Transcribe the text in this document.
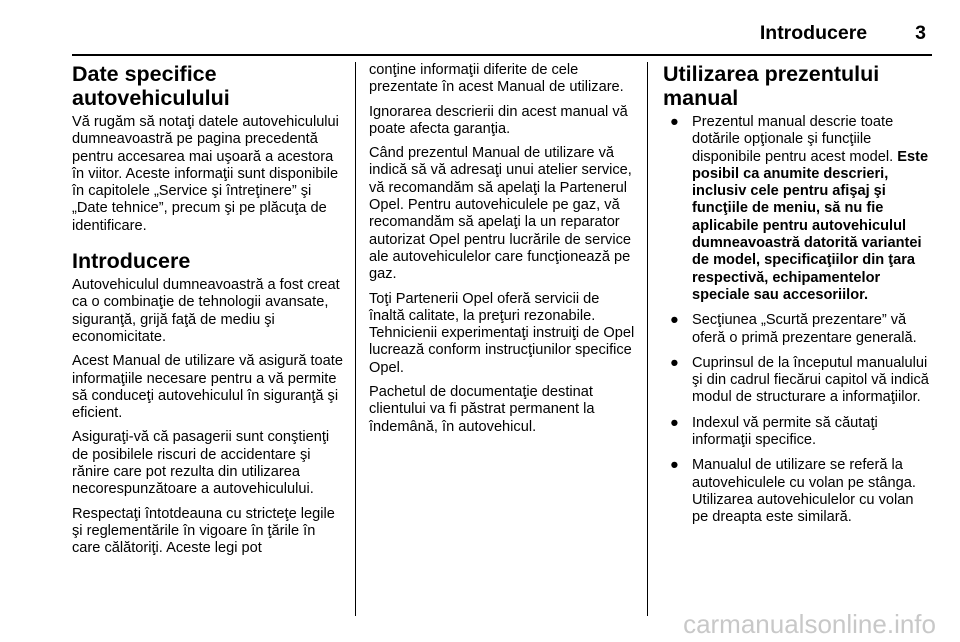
Introducere 3
Date specifice autovehiculului

Vă rugăm să notaţi datele autovehiculului dumneavoastră pe pagina precedentă pentru accesarea mai uşoară a acestora în viitor. Aceste informaţii sunt disponibile în capitolele „Service şi întreţinere” şi „Date tehnice”, precum şi pe plăcuţa de identificare.

Introducere

Autovehiculul dumneavoastră a fost creat ca o combinaţie de tehnologii avansate, siguranţă, grijă faţă de mediu şi economicitate.

Acest Manual de utilizare vă asigură toate informaţiile necesare pentru a vă permite să conduceţi autovehiculul în siguranţă şi eficient.

Asiguraţi-vă că pasagerii sunt conştienţi de posibilele riscuri de accidentare şi rănire care pot rezulta din utilizarea necorespunzătoare a autovehiculului.

Respectaţi întotdeauna cu stricteţe legile şi reglementările în vigoare în ţările în care călătoriţi. Aceste legi pot

conţine informaţii diferite de cele prezentate în acest Manual de utilizare.

Ignorarea descrierii din acest manual vă poate afecta garanţia.

Când prezentul Manual de utilizare vă indică să vă adresaţi unui atelier service, vă recomandăm să apelaţi la Partenerul Opel. Pentru autovehiculele pe gaz, vă recomandăm să apelaţi la un reparator autorizat Opel pentru lucrările de service ale autovehiculelor care funcţionează pe gaz.

Toţi Partenerii Opel oferă servicii de înaltă calitate, la preţuri rezonabile. Tehnicienii experimentaţi instruiţi de Opel lucrează conform instrucţiunilor specifice Opel.

Pachetul de documentaţie destinat clientului va fi păstrat permanent la îndemână, în autovehicul.

Utilizarea prezentului manual
● Prezentul manual descrie toate dotările opţionale şi funcţiile disponibile pentru acest model. Este posibil ca anumite descrieri, inclusiv cele pentru afişaj şi funcţiile de meniu, să nu fie aplicabile pentru autovehiculul dumneavoastră datorită variantei de model, specificaţiilor din ţara respectivă, echipamentelor speciale sau accesoriilor.
● Secţiunea „Scurtă prezentare” vă oferă o primă prezentare generală.
● Cuprinsul de la începutul manualului şi din cadrul fiecărui capitol vă indică modul de structurare a informaţiilor.
● Indexul vă permite să căutaţi informaţii specifice.
● Manualul de utilizare se referă la autovehiculele cu volan pe stânga. Utilizarea autovehiculelor cu volan pe dreapta este similară.
carmanualsonline.info
